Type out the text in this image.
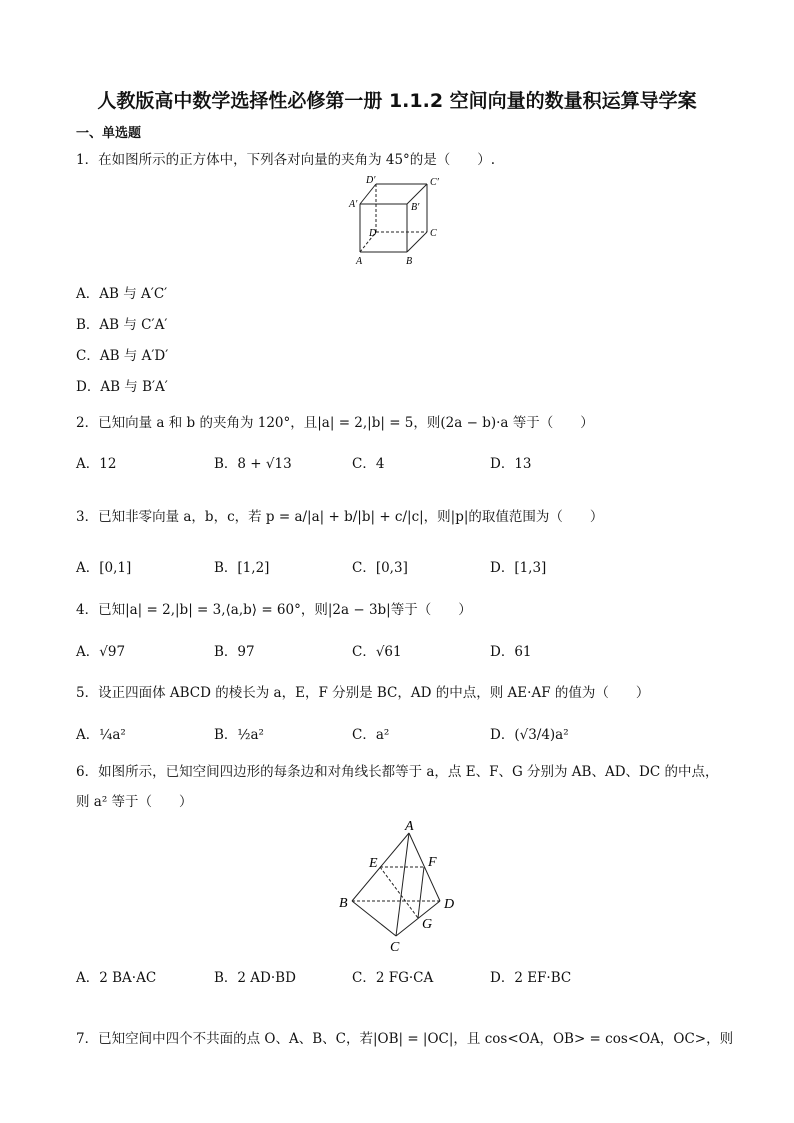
人教版高中数学选择性必修第一册 1.1.2 空间向量的数量积运算导学案
一、单选题
1．在如图所示的正方体中，下列各对向量的夹角为 45°的是（　　）.
D′	C′
A′	B′
D	C
A	B
A．AB 与 A′C′
B．AB 与 C′A′
C．AB 与 A′D′
D．AB 与 B′A′
2．已知向量 a 和 b 的夹角为 120°，且|a| = 2,|b| = 5，则(2a − b)·a 等于（　　）
A．12	B．8 + √13	C．4	D．13
3．已知非零向量 a，b，c，若 p = a/|a| + b/|b| + c/|c|，则|p|的取值范围为（　　）
A．[0,1]	B．[1,2]	C．[0,3]	D．[1,3]
4．已知|a| = 2,|b| = 3,⟨a,b⟩ = 60°，则|2a − 3b|等于（　　）
A．√97	B．97	C．√61	D．61
5．设正四面体 ABCD 的棱长为 a，E，F 分别是 BC，AD 的中点，则 AE·AF 的值为（　　）
A．¼a²	B．½a²	C．a²	D．(√3/4)a²
6．如图所示，已知空间四边形的每条边和对角线长都等于 a，点 E、F、G 分别为 AB、AD、DC 的中点，
则 a² 等于（　　）
A
E	F
B	D
G
C
A．2 BA·AC	B．2 AD·BD	C．2 FG·CA	D．2 EF·BC
7．已知空间中四个不共面的点 O、A、B、C，若|OB| = |OC|，且 cos<OA，OB> = cos<OA，OC>，则
